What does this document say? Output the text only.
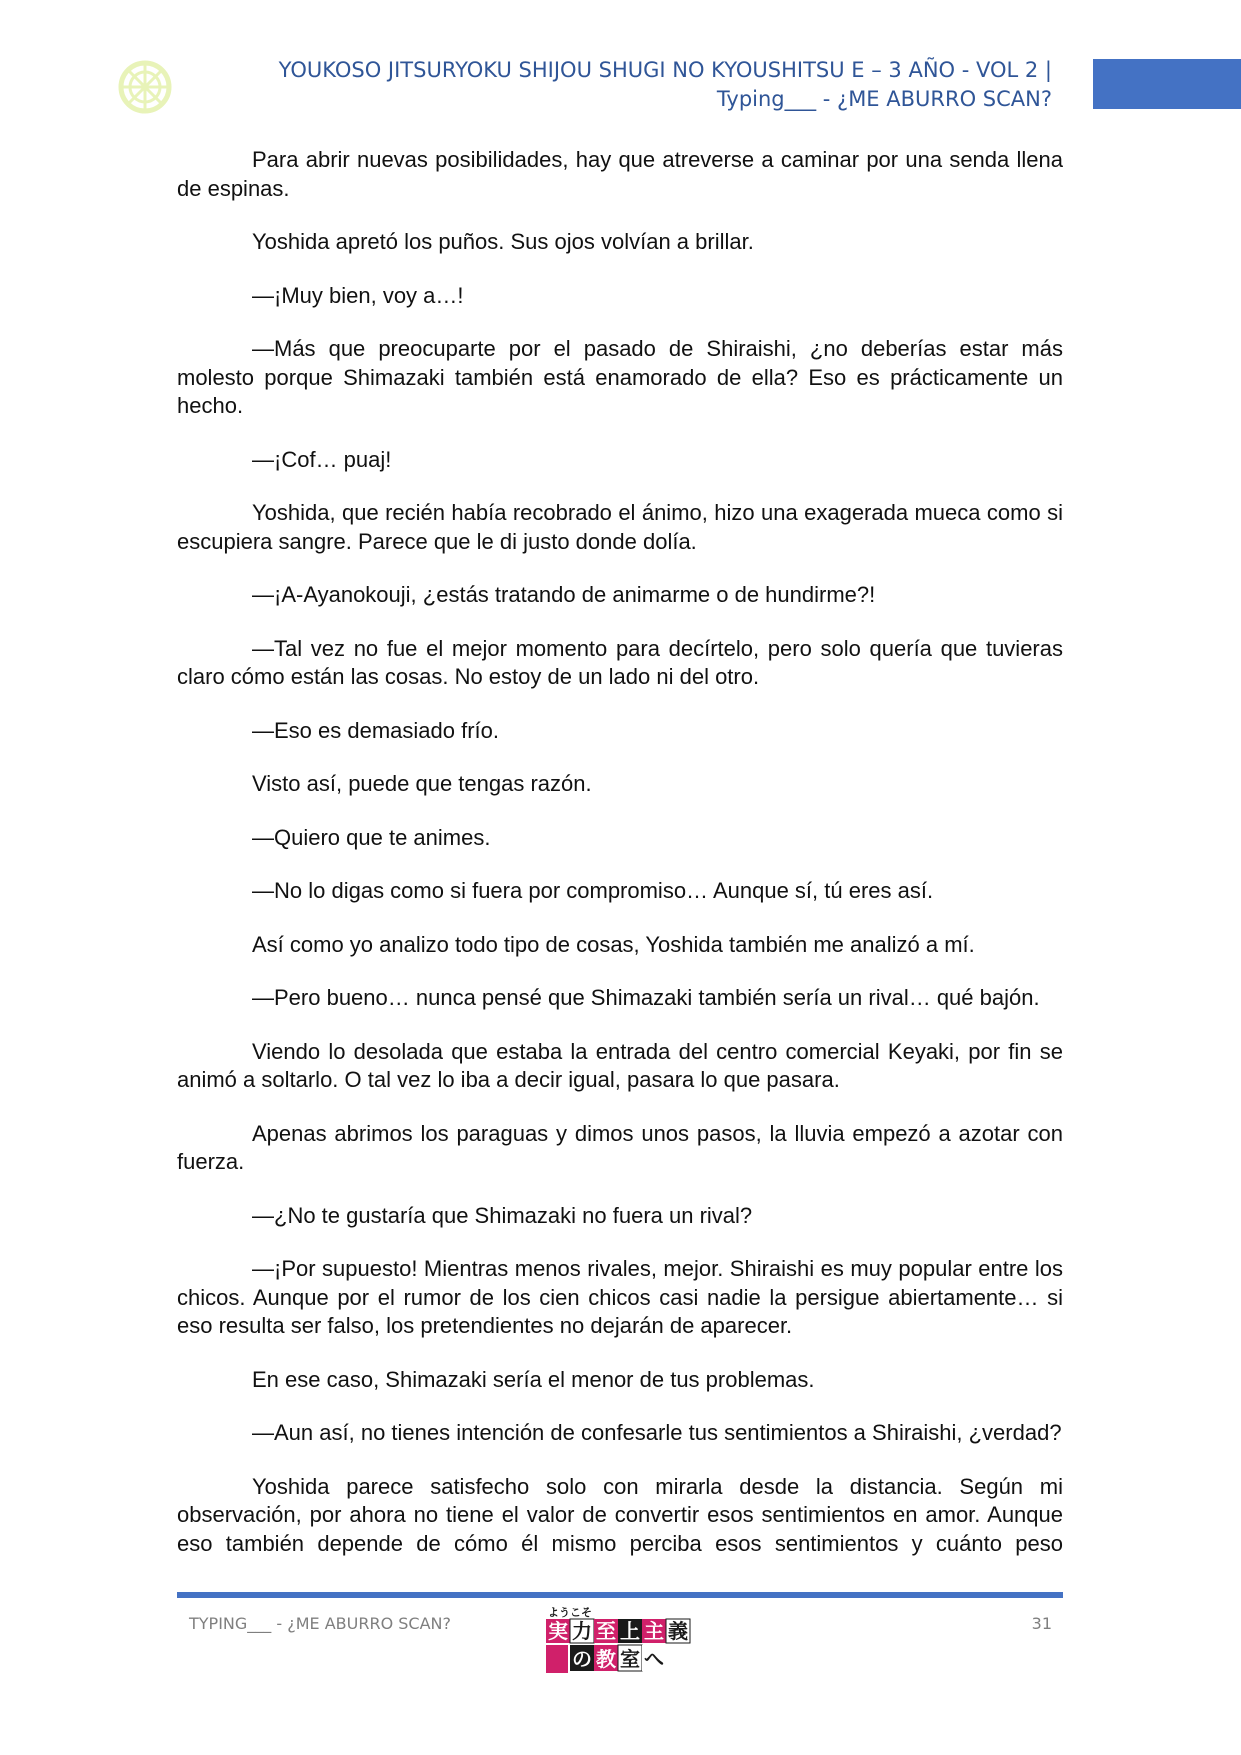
YOUKOSO JITSURYOKU SHIJOU SHUGI NO KYOUSHITSU E – 3 AÑO - VOL 2 | Typing___ - ¿ME ABURRO SCAN?

Para abrir nuevas posibilidades, hay que atreverse a caminar por una senda llena de espinas.

Yoshida apretó los puños. Sus ojos volvían a brillar.

—¡Muy bien, voy a…!

—Más que preocuparte por el pasado de Shiraishi, ¿no deberías estar más molesto porque Shimazaki también está enamorado de ella? Eso es prácticamente un hecho.

—¡Cof… puaj!

Yoshida, que recién había recobrado el ánimo, hizo una exagerada mueca como si escupiera sangre. Parece que le di justo donde dolía.

—¡A-Ayanokouji, ¿estás tratando de animarme o de hundirme?!

—Tal vez no fue el mejor momento para decírtelo, pero solo quería que tuvieras claro cómo están las cosas. No estoy de un lado ni del otro.

—Eso es demasiado frío.

Visto así, puede que tengas razón.

—Quiero que te animes.

—No lo digas como si fuera por compromiso… Aunque sí, tú eres así.

Así como yo analizo todo tipo de cosas, Yoshida también me analizó a mí.

—Pero bueno… nunca pensé que Shimazaki también sería un rival… qué bajón.

Viendo lo desolada que estaba la entrada del centro comercial Keyaki, por fin se animó a soltarlo. O tal vez lo iba a decir igual, pasara lo que pasara.

Apenas abrimos los paraguas y dimos unos pasos, la lluvia empezó a azotar con fuerza.

—¿No te gustaría que Shimazaki no fuera un rival?

—¡Por supuesto! Mientras menos rivales, mejor. Shiraishi es muy popular entre los chicos. Aunque por el rumor de los cien chicos casi nadie la persigue abiertamente… si eso resulta ser falso, los pretendientes no dejarán de aparecer.

En ese caso, Shimazaki sería el menor de tus problemas.

—Aun así, no tienes intención de confesarle tus sentimientos a Shiraishi, ¿verdad?

Yoshida parece satisfecho solo con mirarla desde la distancia. Según mi observación, por ahora no tiene el valor de convertir esos sentimientos en amor. Aunque eso también depende de cómo él mismo perciba esos sentimientos y cuánto peso

TYPING___ - ¿ME ABURRO SCAN?	31
ようこそ
実 力 至 上 主 義
の 教 室 へ
